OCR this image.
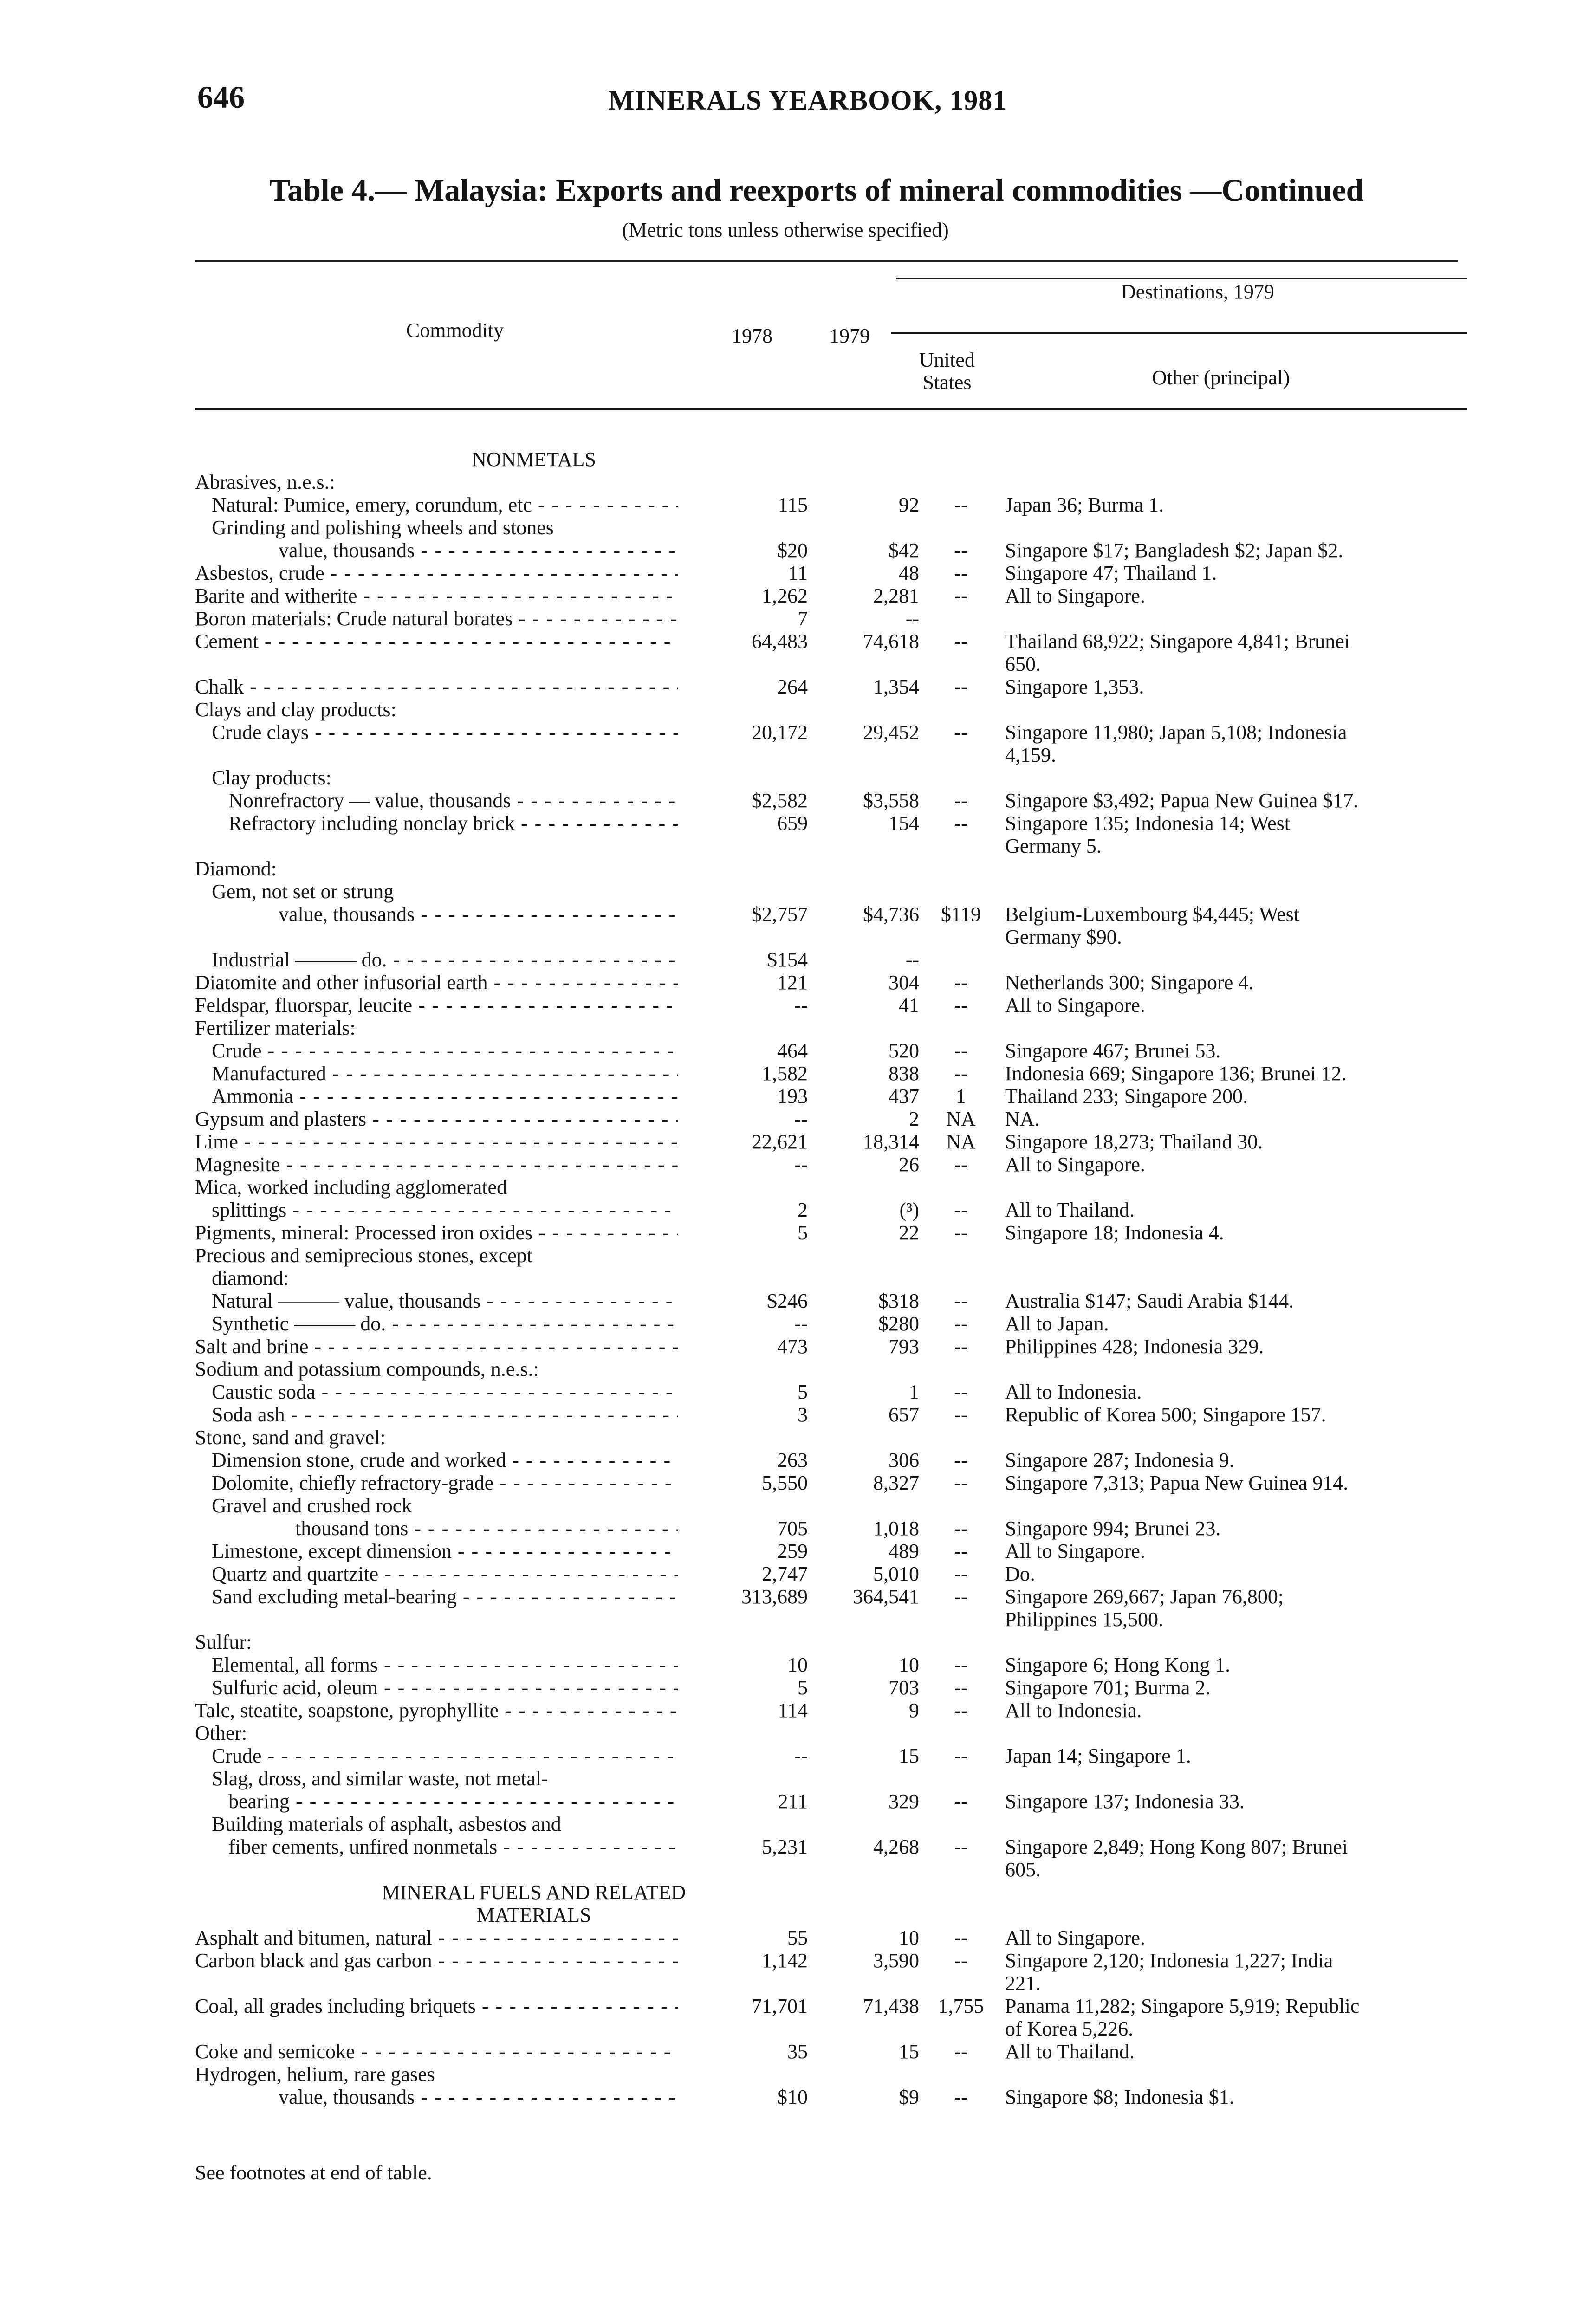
646	MINERALS YEARBOOK, 1981
Table 4.— Malaysia: Exports and reexports of mineral commodities —Continued
(Metric tons unless otherwise specified)
Destinations, 1979
Commodity	1978	1979
United
States	Other (principal)
NONMETALS
Abrasives, n.e.s.:
Natural: Pumice, emery, corundum, etc - - -	115	92	--	Japan 36; Burma 1.
Grinding and polishing wheels and stones
value, thousands - - -	$20	$42	--	Singapore $17; Bangladesh $2; Japan $2.
Asbestos, crude - - -	11	48	--	Singapore 47; Thailand 1.
Barite and witherite - - -	1,262	2,281	--	All to Singapore.
Boron materials: Crude natural borates - - -	7	--
Cement - - -	64,483	74,618	--	Thailand 68,922; Singapore 4,841; Brunei
650.
Chalk - - -	264	1,354	--	Singapore 1,353.
Clays and clay products:
Crude clays - - -	20,172	29,452	--	Singapore 11,980; Japan 5,108; Indonesia
4,159.
Clay products:
Nonrefractory — value, thousands - - -	$2,582	$3,558	--	Singapore $3,492; Papua New Guinea $17.
Refractory including nonclay brick - - -	659	154	--	Singapore 135; Indonesia 14; West
Germany 5.
Diamond:
Gem, not set or strung
value, thousands - - -	$2,757	$4,736	$119	Belgium-Luxembourg $4,445; West
Germany $90.
Industrial ——— do. - - -	$154	--
Diatomite and other infusorial earth - - -	121	304	--	Netherlands 300; Singapore 4.
Feldspar, fluorspar, leucite - - -	--	41	--	All to Singapore.
Fertilizer materials:
Crude - - -	464	520	--	Singapore 467; Brunei 53.
Manufactured - - -	1,582	838	--	Indonesia 669; Singapore 136; Brunei 12.
Ammonia - - -	193	437	1	Thailand 233; Singapore 200.
Gypsum and plasters - - -	--	2	NA	NA.
Lime - - -	22,621	18,314	NA	Singapore 18,273; Thailand 30.
Magnesite - - -	--	26	--	All to Singapore.
Mica, worked including agglomerated
splittings - - -	2	(³)	--	All to Thailand.
Pigments, mineral: Processed iron oxides - - -	5	22	--	Singapore 18; Indonesia 4.
Precious and semiprecious stones, except
diamond:
Natural ——— value, thousands - - -	$246	$318	--	Australia $147; Saudi Arabia $144.
Synthetic ——— do. - - -	--	$280	--	All to Japan.
Salt and brine - - -	473	793	--	Philippines 428; Indonesia 329.
Sodium and potassium compounds, n.e.s.:
Caustic soda - - -	5	1	--	All to Indonesia.
Soda ash - - -	3	657	--	Republic of Korea 500; Singapore 157.
Stone, sand and gravel:
Dimension stone, crude and worked - - -	263	306	--	Singapore 287; Indonesia 9.
Dolomite, chiefly refractory-grade - - -	5,550	8,327	--	Singapore 7,313; Papua New Guinea 914.
Gravel and crushed rock
thousand tons - - -	705	1,018	--	Singapore 994; Brunei 23.
Limestone, except dimension - - -	259	489	--	All to Singapore.
Quartz and quartzite - - -	2,747	5,010	--	Do.
Sand excluding metal-bearing - - -	313,689	364,541	--	Singapore 269,667; Japan 76,800;
Philippines 15,500.
Sulfur:
Elemental, all forms - - -	10	10	--	Singapore 6; Hong Kong 1.
Sulfuric acid, oleum - - -	5	703	--	Singapore 701; Burma 2.
Talc, steatite, soapstone, pyrophyllite - - -	114	9	--	All to Indonesia.
Other:
Crude - - -	--	15	--	Japan 14; Singapore 1.
Slag, dross, and similar waste, not metal-
bearing - - -	211	329	--	Singapore 137; Indonesia 33.
Building materials of asphalt, asbestos and
fiber cements, unfired nonmetals - - -	5,231	4,268	--	Singapore 2,849; Hong Kong 807; Brunei
605.
MINERAL FUELS AND RELATED
MATERIALS
Asphalt and bitumen, natural - - -	55	10	--	All to Singapore.
Carbon black and gas carbon - - -	1,142	3,590	--	Singapore 2,120; Indonesia 1,227; India
221.
Coal, all grades including briquets - - -	71,701	71,438 1,755	Panama 11,282; Singapore 5,919; Republic
of Korea 5,226.
Coke and semicoke - - -	35	15	--	All to Thailand.
Hydrogen, helium, rare gases
value, thousands - - -	$10	$9	--	Singapore $8; Indonesia $1.
See footnotes at end of table.
